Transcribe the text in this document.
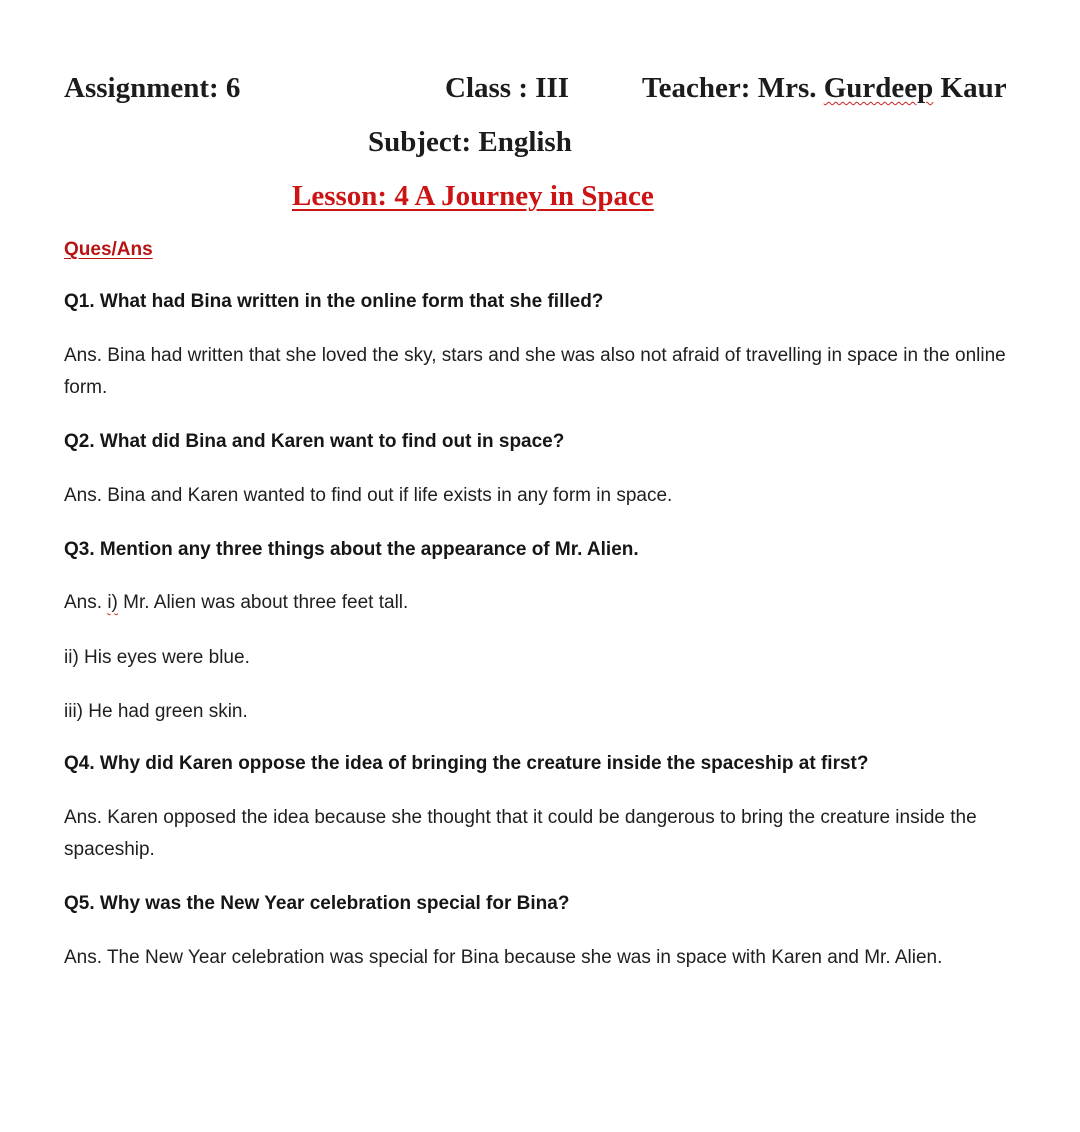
Assignment: 6	Class : III	Teacher: Mrs. Gurdeep Kaur
Subject: English
Lesson: 4 A Journey in Space
Ques/Ans
Q1. What had Bina written in the online form that she filled?
Ans. Bina had written that she loved the sky, stars and she was also not afraid of travelling in space in the online form.
Q2. What did Bina and Karen want to find out in space?
Ans. Bina and Karen wanted to find out if life exists in any form in space.
Q3. Mention any three things about the appearance of Mr. Alien.
Ans. i) Mr. Alien was about three feet tall.
ii) His eyes were blue.
iii) He had green skin.
Q4. Why did Karen oppose the idea of bringing the creature inside the spaceship at first?
Ans. Karen opposed the idea because she thought that it could be dangerous to bring the creature inside the spaceship.
Q5. Why was the New Year celebration special for Bina?
Ans. The New Year celebration was special for Bina because she was in space with Karen and Mr. Alien.
